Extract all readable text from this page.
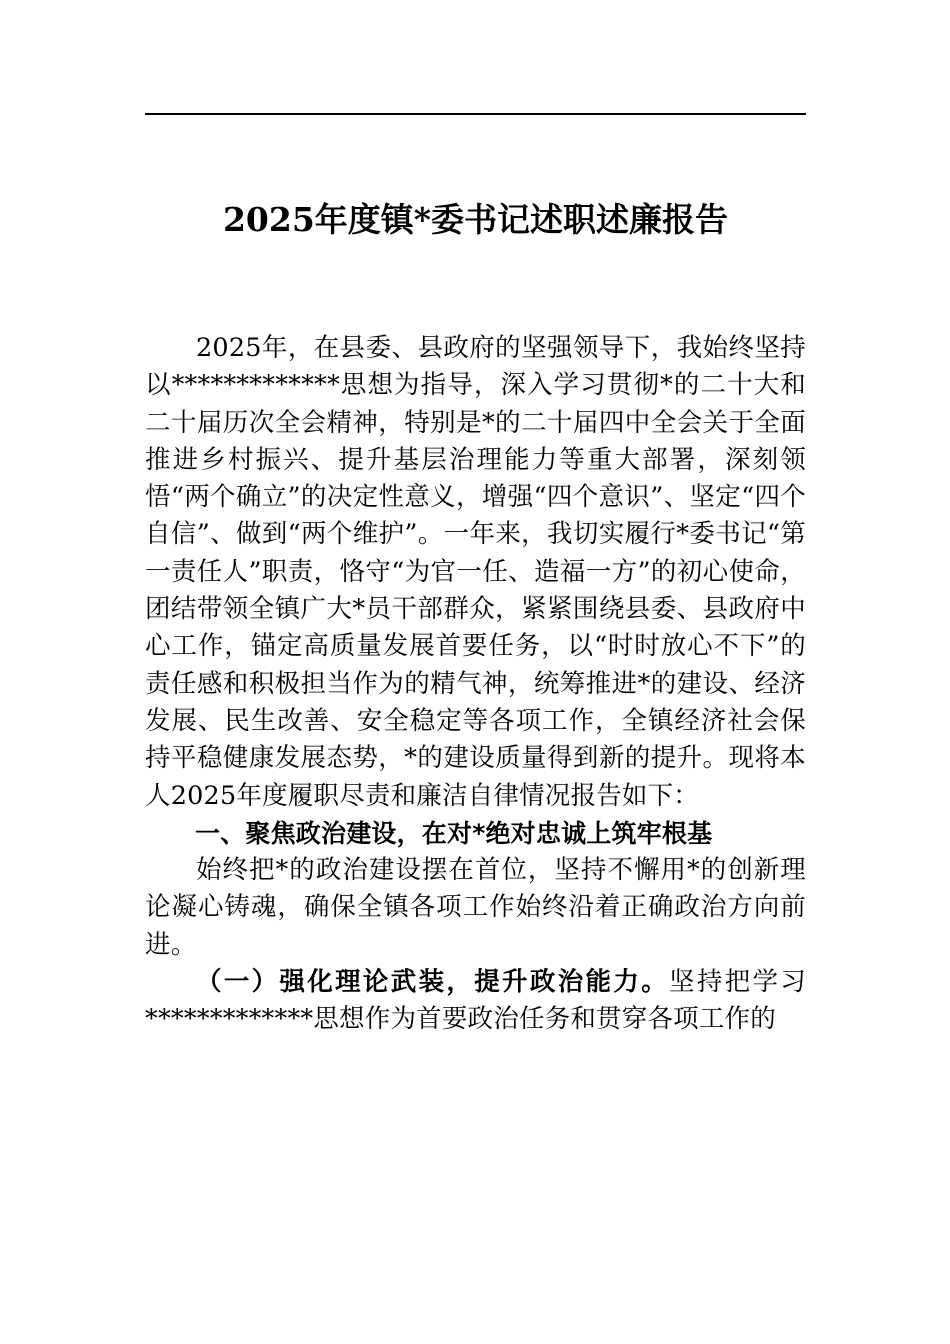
2025年度镇*委书记述职述廉报告

2025年，在县委、县政府的坚强领导下，我始终坚持以*************思想为指导，深入学习贯彻*的二十大和二十届历次全会精神，特别是*的二十届四中全会关于全面推进乡村振兴、提升基层治理能力等重大部署，深刻领悟“两个确立”的决定性意义，增强“四个意识”、坚定“四个自信”、做到“两个维护”。一年来，我切实履行*委书记“第一责任人”职责，恪守“为官一任、造福一方”的初心使命，团结带领全镇广大*员干部群众，紧紧围绕县委、县政府中心工作，锚定高质量发展首要任务，以“时时放心不下”的责任感和积极担当作为的精气神，统筹推进*的建设、经济发展、民生改善、安全稳定等各项工作，全镇经济社会保持平稳健康发展态势，*的建设质量得到新的提升。现将本人2025年度履职尽责和廉洁自律情况报告如下：

一、聚焦政治建设，在对*绝对忠诚上筑牢根基

始终把*的政治建设摆在首位，坚持不懈用*的创新理论凝心铸魂，确保全镇各项工作始终沿着正确政治方向前进。

（一）强化理论武装，提升政治能力。坚持把学习*************思想作为首要政治任务和贯穿各项工作的
